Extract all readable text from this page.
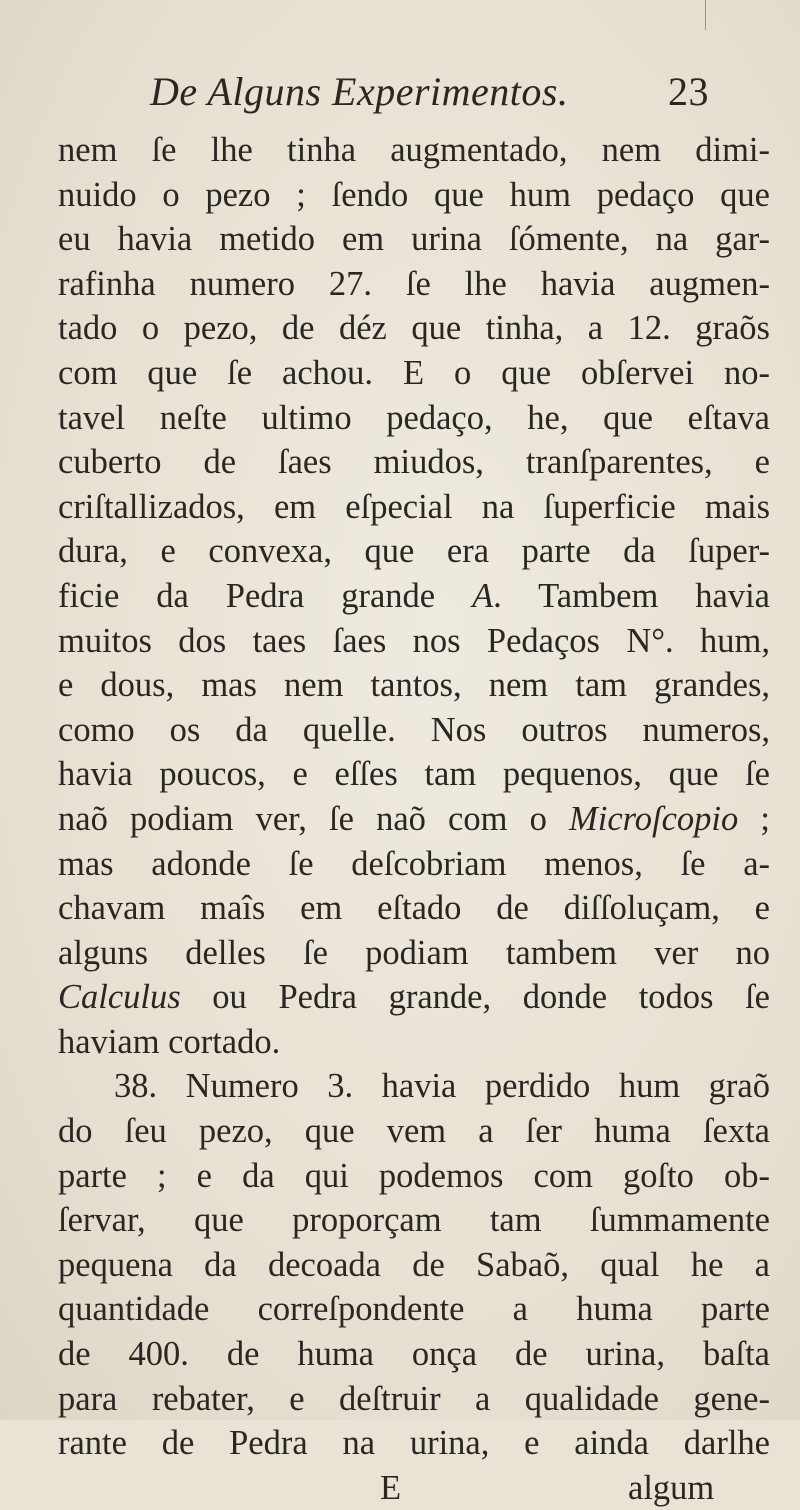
De Alguns Experimentos. 23
nem ſe lhe tinha augmentado, nem dimi-
nuido o pezo ; ſendo que hum pedaço que
eu havia metido em urina ſómente, na gar-
rafinha numero 27. ſe lhe havia augmen-
tado o pezo, de déz que tinha, a 12. graõs
com que ſe achou. E o que obſervei no-
tavel neſte ultimo pedaço, he, que eſtava
cuberto de ſaes miudos, tranſparentes, e
criſtallizados, em eſpecial na ſuperficie mais
dura, e convexa, que era parte da ſuper-
ficie da Pedra grande A. Tambem havia
muitos dos taes ſaes nos Pedaços N°. hum,
e dous, mas nem tantos, nem tam grandes,
como os da quelle. Nos outros numeros,
havia poucos, e eſſes tam pequenos, que ſe
naõ podiam ver, ſe naõ com o Microſcopio ;
mas adonde ſe deſcobriam menos, ſe a-
chavam maîs em eſtado de diſſoluçam, e
alguns delles ſe podiam tambem ver no
Calculus ou Pedra grande, donde todos ſe
haviam cortado.
38. Numero 3. havia perdido hum graõ
do ſeu pezo, que vem a ſer huma ſexta
parte ; e da qui podemos com goſto ob-
ſervar, que proporçam tam ſummamente
pequena da decoada de Sabaõ, qual he a
quantidade correſpondente a huma parte
de 400. de huma onça de urina, baſta
para rebater, e deſtruir a qualidade gene-
rante de Pedra na urina, e ainda darlhe
E	algum
